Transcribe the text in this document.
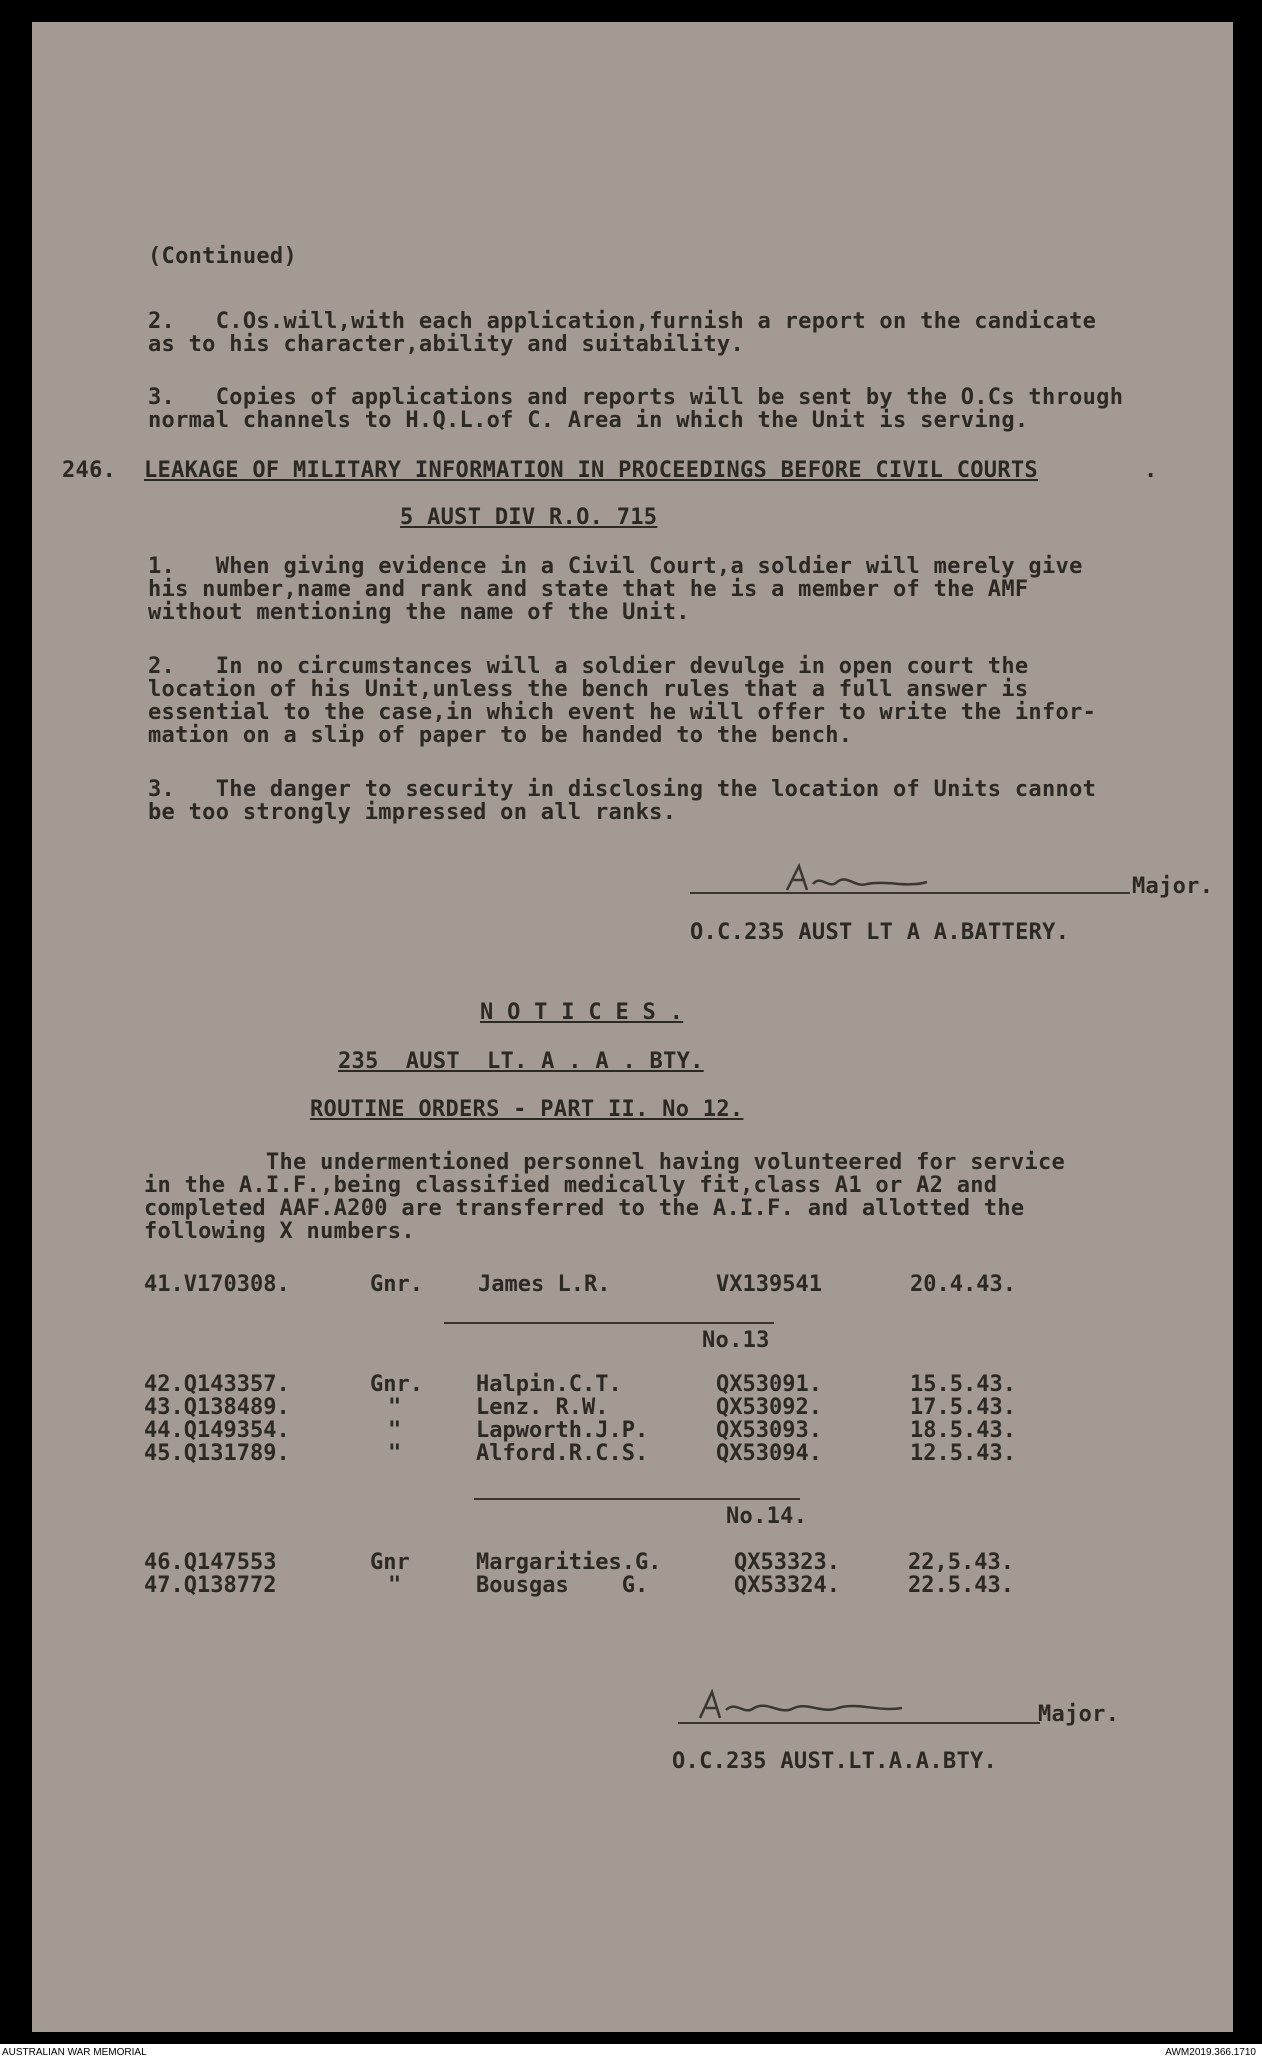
(Continued)
2.   C.Os.will,with each application,furnish a report on the candicate
as to his character,ability and suitability.
3.   Copies of applications and reports will be sent by the O.Cs through
normal channels to H.Q.L.of C. Area in which the Unit is serving.
246. LEAKAGE OF MILITARY INFORMATION IN PROCEEDINGS BEFORE CIVIL COURTS	.
5 AUST DIV R.O. 715
1.   When giving evidence in a Civil Court,a soldier will merely give
his number,name and rank and state that he is a member of the AMF
without mentioning the name of the Unit.
2.   In no circumstances will a soldier devulge in open court the
location of his Unit,unless the bench rules that a full answer is
essential to the case,in which event he will offer to write the infor-
mation on a slip of paper to be handed to the bench.
3.   The danger to security in disclosing the location of Units cannot
be too strongly impressed on all ranks.
Major.
O.C.235 AUST LT A A.BATTERY.
N O T I C E S .
235  AUST  LT. A . A . BTY.
ROUTINE ORDERS - PART II. No 12.
The undermentioned personnel having volunteered for service
in the A.I.F.,being classified medically fit,class A1 or A2 and
completed AAF.A200 are transferred to the A.I.F. and allotted the
following X numbers.
41.V170308.	Gnr.	James L.R.	VX139541	20.4.43.
No.13
42.Q143357.	Gnr. Halpin.C.T.	QX53091.	15.5.43.
43.Q138489.	"	Lenz. R.W.	QX53092.	17.5.43.
44.Q149354.	"	Lapworth.J.P.	QX53093.	18.5.43.
45.Q131789.	"	Alford.R.C.S.	QX53094.	12.5.43.
No.14.
46.Q147553	Gnr	Margarities.G.	QX53323.	22,5.43.
47.Q138772	"	Bousgas    G.	QX53324.	22.5.43.
Major.
O.C.235 AUST.LT.A.A.BTY.
AUSTRALIAN WAR MEMORIAL	AWM2019.366.1710
